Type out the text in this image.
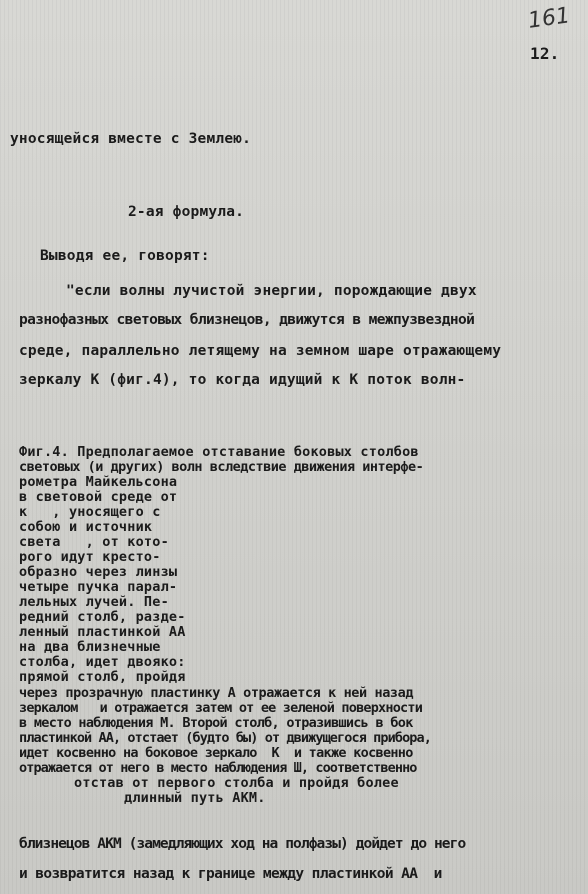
161
12.
уносящейся вместе с Землею.
2-ая формула.
Выводя ее, говорят:
"если волны лучистой энергии, порождающие двух
разнофазных световых близнецов, движутся в межпузвездной
среде, параллельно летящему на земном шаре отражающему
зеркалу К (фиг.4), то когда идущий к К поток волн-
Фиг.4. Предполагаемое отставание боковых столбов
световых (и других) волн вследствие движения интерфе-
рометра Майкельсона
в световой среде от
к   , уносящего с
собою и источник
света   , от кото-
рого идут крестo-
образно через линзы
четыре пучка парал-
лельных лучей. Пе-
редний столб, разде-
ленный пластинкой АА
на два близнечные
столба, идет двояко:
прямой столб, пройдя
через прозрачную пластинку А отражается к ней назад
зеркалом   и отражается затем от ее зеленой поверхности
в место наблюдения М. Второй столб, отразившись в бок
пластинкой АА, отстает (будто бы) от движущегося прибора,
идет косвенно на боковое зеркало  К  и также косвенно
отражается от него в место наблюдения Ш, соответственно
отстав от первого столба и пройдя более
длинный путь АКМ.
близнецов АКМ (замедляющих ход на полфазы) дойдет до него
и возвратится назад к границе между пластинкой АА  и
